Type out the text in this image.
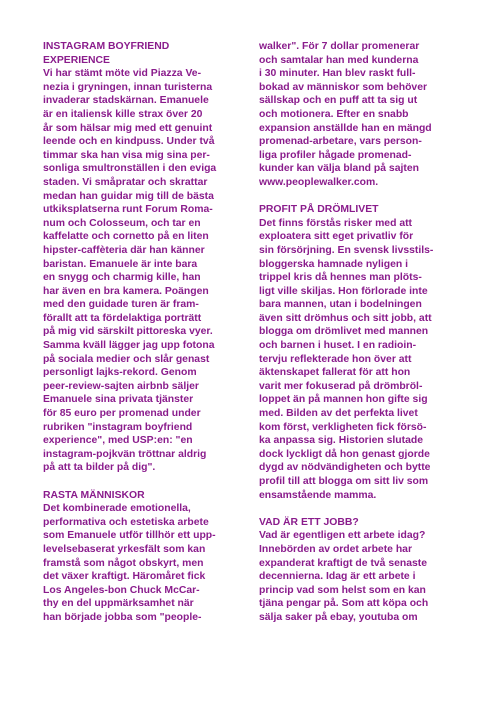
INSTAGRAM BOYFRIEND
EXPERIENCE

Vi har stämt möte vid Piazza Ve-
nezia i gryningen, innan turisterna
invaderar stadskärnan. Emanuele
är en italiensk kille strax över 20
år som hälsar mig med ett genuint
leende och en kindpuss. Under två
timmar ska han visa mig sina per-
sonliga smultronställen i den eviga
staden. Vi småpratar och skrattar
medan han guidar mig till de bästa
utkiksplatserna runt Forum Roma-
num och Colosseum, och tar en
kaffelatte och cornetto på en liten
hipster-caffèteria där han känner
baristan. Emanuele är inte bara
en snygg och charmig kille, han
har även en bra kamera. Poängen
med den guidade turen är fram-
förallt att ta fördelaktiga porträtt
på mig vid särskilt pittoreska vyer.
Samma kväll lägger jag upp fotona
på sociala medier och slår genast
personligt lajks-rekord. Genom
peer-review-sajten airbnb säljer
Emanuele sina privata tjänster
för 85 euro per promenad under
rubriken "instagram boyfriend
experience", med USP:en: "en
instagram-pojkvän tröttnar aldrig
på att ta bilder på dig".

RASTA MÄNNISKOR

Det kombinerade emotionella,
performativa och estetiska arbete
som Emanuele utför tillhör ett upp-
levelsebaserat yrkesfält som kan
framstå som något obskyrt, men
det växer kraftigt. Häromåret fick
Los Angeles-bon Chuck McCar-
thy en del uppmärksamhet när
han började jobba som "people-

walker". För 7 dollar promenerar
och samtalar han med kunderna
i 30 minuter. Han blev raskt full-
bokad av människor som behöver
sällskap och en puff att ta sig ut
och motionera. Efter en snabb
expansion anställde han en mängd
promenad-arbetare, vars person-
liga profiler hågade promenad-
kunder kan välja bland på sajten
www.peoplewalker.com.

PROFIT PÅ DRÖMLIVET

Det finns förstås risker med att
exploatera sitt eget privatliv för
sin försörjning. En svensk livsstils-
bloggerska hamnade nyligen i
trippel kris då hennes man plöts-
ligt ville skiljas. Hon förlorade inte
bara mannen, utan i bodelningen
även sitt drömhus och sitt jobb, att
blogga om drömlivet med mannen
och barnen i huset. I en radioin-
tervju reflekterade hon över att
äktenskapet fallerat för att hon
varit mer fokuserad på drömbröl-
loppet än på mannen hon gifte sig
med. Bilden av det perfekta livet
kom först, verkligheten fick försö-
ka anpassa sig. Historien slutade
dock lyckligt då hon genast gjorde
dygd av nödvändigheten och bytte
profil till att blogga om sitt liv som
ensamstående mamma.

VAD ÄR ETT JOBB?

Vad är egentligen ett arbete idag?
Innebörden av ordet arbete har
expanderat kraftigt de två senaste
decennierna. Idag är ett arbete i
princip vad som helst som en kan
tjäna pengar på. Som att köpa och
sälja saker på ebay, youtuba om
